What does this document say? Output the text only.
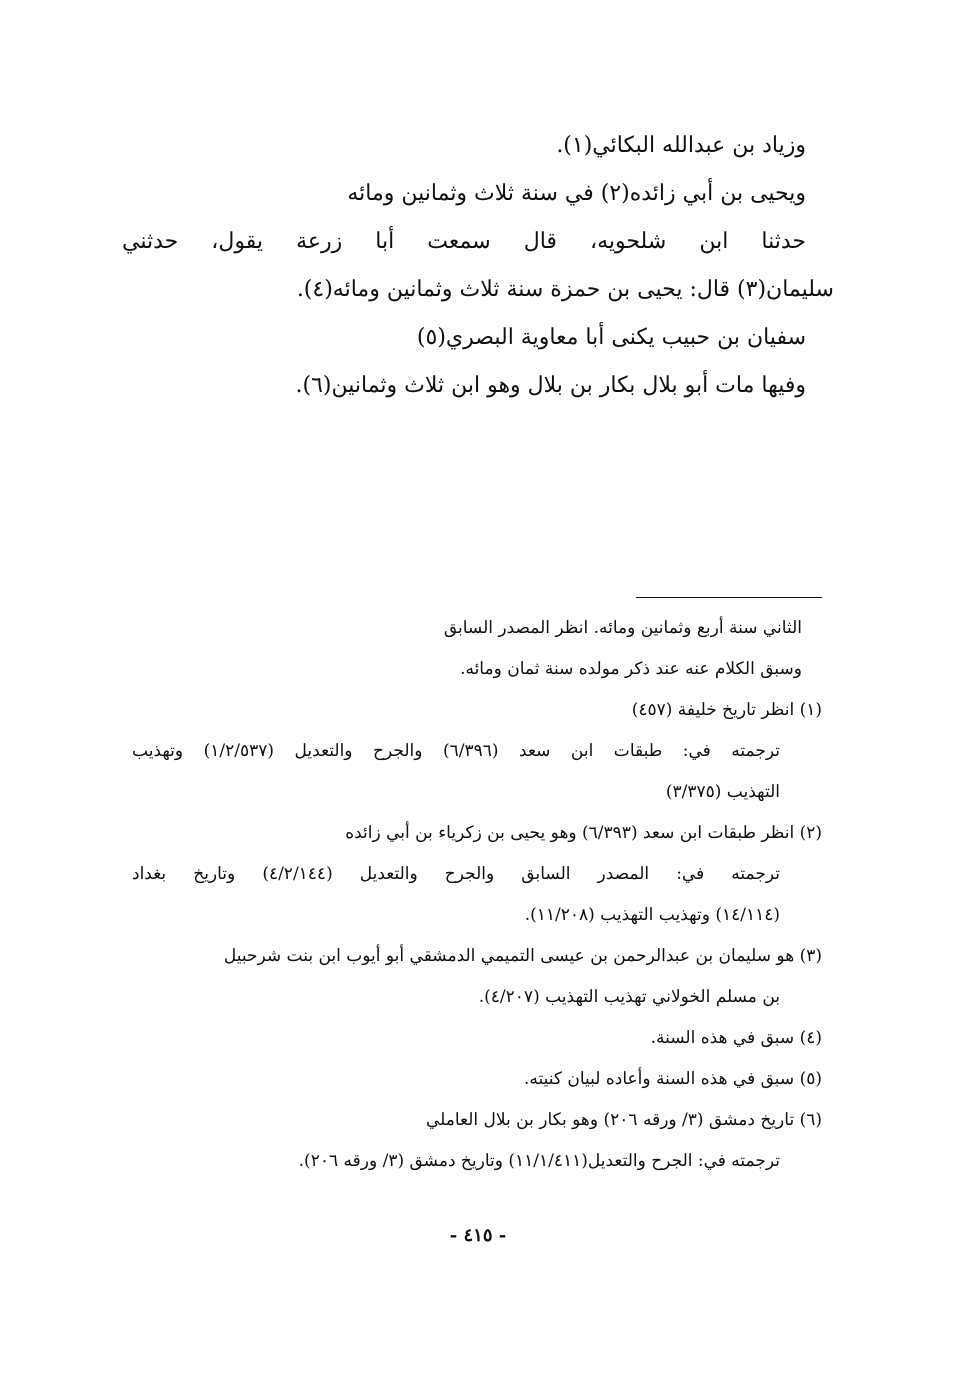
وزياد بن عبدالله البكائي(١).
ويحيى بن أبي زائده(٢) في سنة ثلاث وثمانين ومائه
حدثنا ابن شلحويه، قال سمعت أبا زرعة يقول، حدثني
سليمان(٣) قال: يحيى بن حمزة سنة ثلاث وثمانين ومائه(٤).
سفيان بن حبيب يكنى أبا معاوية البصري(٥)
وفيها مات أبو بلال بكار بن بلال وهو ابن ثلاث وثمانين(٦).
الثاني سنة أربع وثمانين ومائه. انظر المصدر السابق
وسبق الكلام عنه عند ذكر مولده سنة ثمان ومائه.
(١) انظر تاريخ خليفة (٤٥٧)
ترجمته في: طبقات ابن سعد (٦/٣٩٦) والجرح والتعديل (١/٢/٥٣٧) وتهذيب
التهذيب (٣/٣٧٥)
(٢) انظر طبقات ابن سعد (٦/٣٩٣) وهو يحيى بن زكرياء بن أبي زائده
ترجمته في: المصدر السابق والجرح والتعديل (٤/٢/١٤٤) وتاريخ بغداد
(١٤/١١٤) وتهذيب التهذيب (١١/٢٠٨).
(٣) هو سليمان بن عبدالرحمن بن عيسى التميمي الدمشقي أبو أيوب ابن بنت شرحبيل
بن مسلم الخولاني تهذيب التهذيب (٤/٢٠٧).
(٤) سبق في هذه السنة.
(٥) سبق في هذه السنة وأعاده لبيان كنيته.
(٦) تاريخ دمشق (٣/ ورقه ٢٠٦) وهو بكار بن بلال العاملي
ترجمته في: الجرح والتعديل(١١/١/٤١١) وتاريخ دمشق (٣/ ورقه ٢٠٦).
- ٤١٥ -
